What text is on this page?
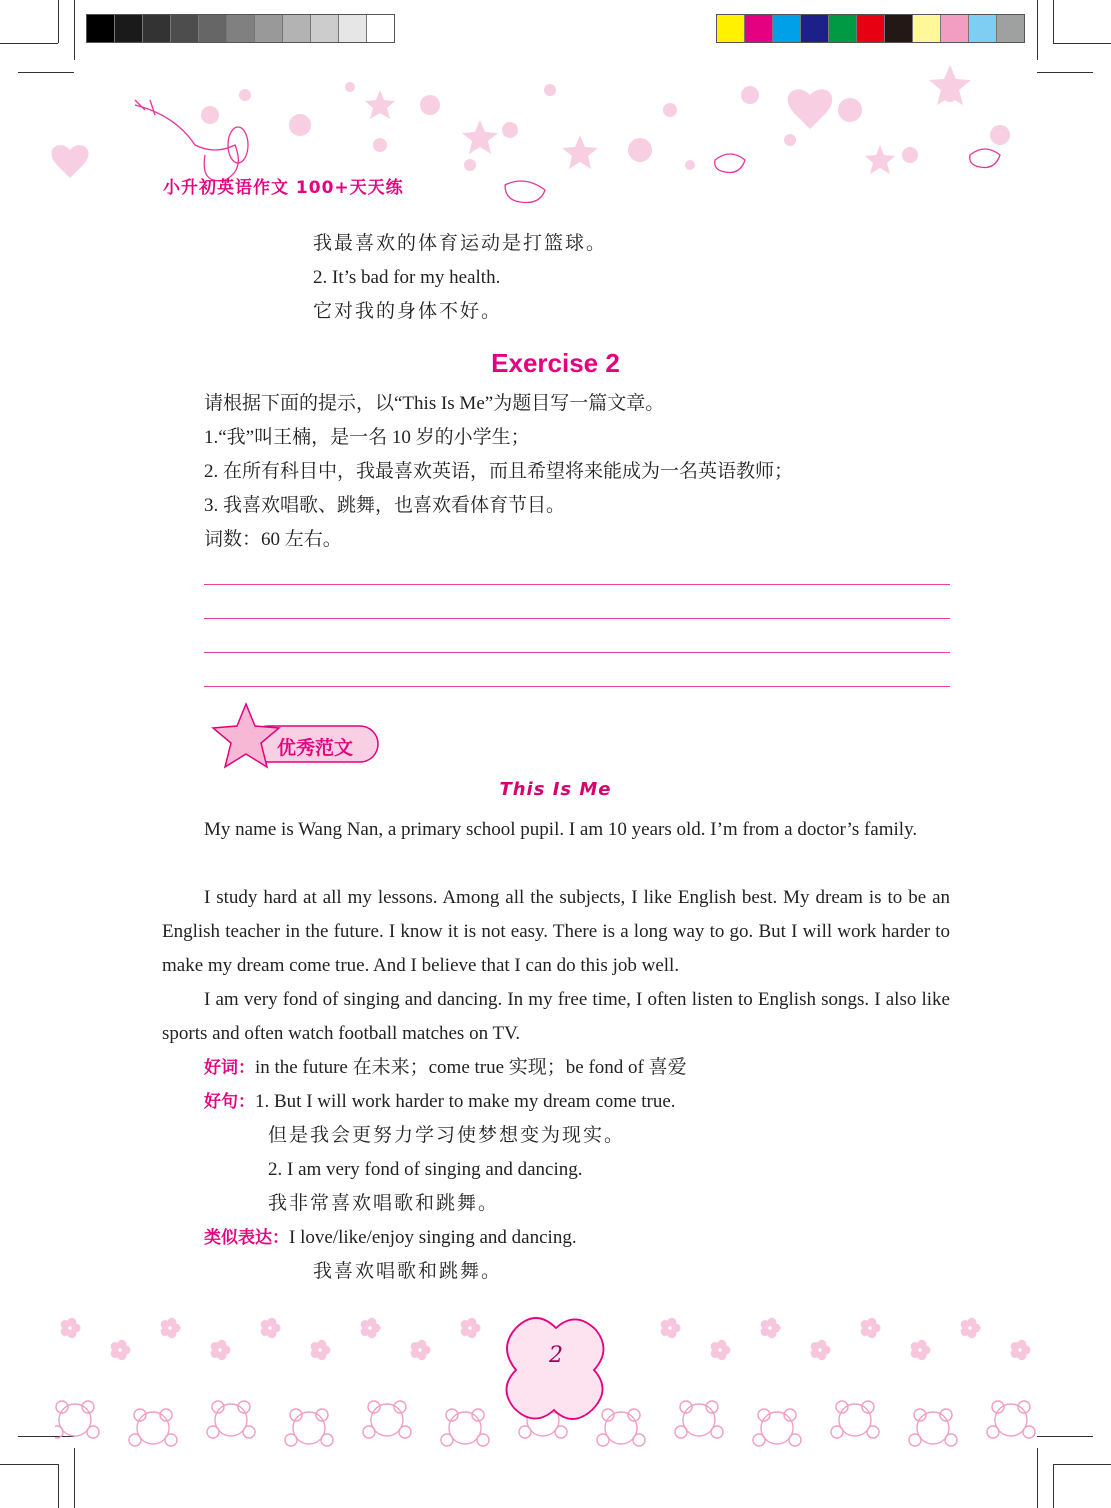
小升初英语作文 100+天天练
我最喜欢的体育运动是打篮球。
2. It’s bad for my health.
它对我的身体不好。
Exercise 2
请根据下面的提示，以“This Is Me”为题目写一篇文章。
1.“我”叫王楠，是一名 10 岁的小学生；
2. 在所有科目中，我最喜欢英语，而且希望将来能成为一名英语教师；
3. 我喜欢唱歌、跳舞，也喜欢看体育节目。
词数：60 左右。
优秀范文
This Is Me
My name is Wang Nan, a primary school pupil. I am 10 years old. I’m from a doctor’s family.
I study hard at all my lessons. Among all the subjects, I like English best. My dream is to be an English teacher in the future. I know it is not easy. There is a long way to go. But I will work harder to make my dream come true. And I believe that I can do this job well.
I am very fond of singing and dancing. In my free time, I often listen to English songs. I also like sports and often watch football matches on TV.
好词：in the future 在未来；come true 实现；be fond of 喜爱
好句：1. But I will work harder to make my dream come true.
但是我会更努力学习使梦想变为现实。
2. I am very fond of singing and dancing.
我非常喜欢唱歌和跳舞。
类似表达：I love/like/enjoy singing and dancing.
我喜欢唱歌和跳舞。
2
